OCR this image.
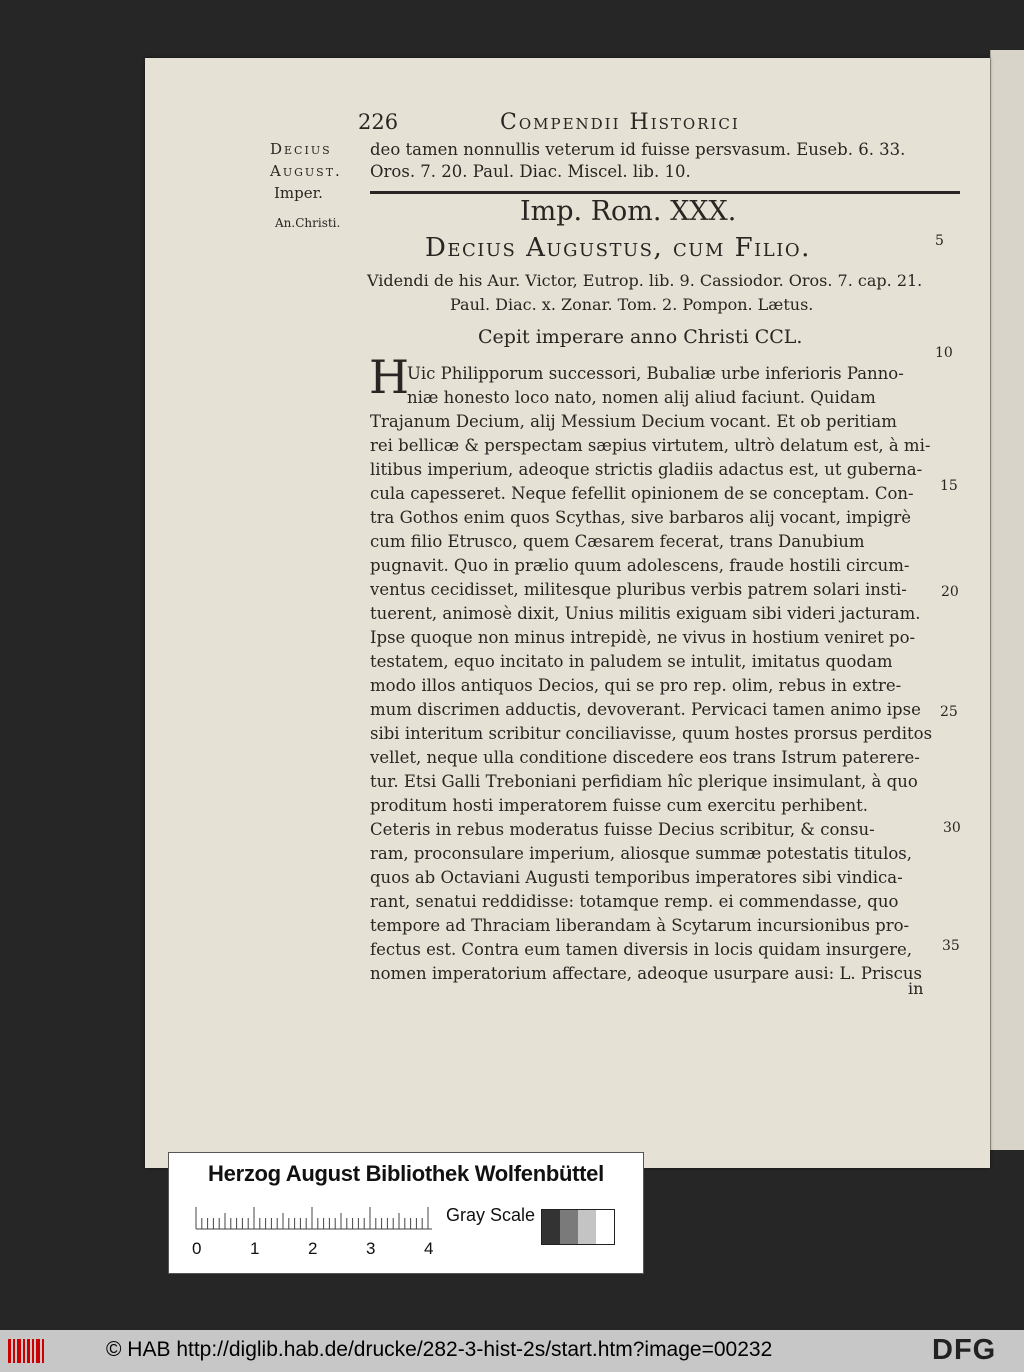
226	Compendii Historici
Decius
August.
Imper.
An.Christi.
deo tamen nonnullis veterum id fuisse persvasum. Euseb. 6. 33.
Oros. 7. 20. Paul. Diac. Miscel. lib. 10.
Imp. Rom. XXX.
Decius Augustus, cum Filio.
Videndi de his Aur. Victor, Eutrop. lib. 9. Cassiodor. Oros. 7. cap. 21.
Paul. Diac. x. Zonar. Tom. 2. Pompon. Lætus.
Cepit imperare anno Christi CCL.
H
Uic Philipporum successori, Bubaliæ urbe inferioris Panno-
niæ honesto loco nato, nomen alij aliud faciunt. Quidam
Trajanum Decium, alij Messium Decium vocant. Et ob peritiam
rei bellicæ & perspectam sæpius virtutem, ultrò delatum est, à mi-
litibus imperium, adeoque strictis gladiis adactus est, ut guberna-
cula capesseret. Neque fefellit opinionem de se conceptam. Con-
tra Gothos enim quos Scythas, sive barbaros alij vocant, impigrè
cum filio Etrusco, quem Cæsarem fecerat, trans Danubium
pugnavit. Quo in prælio quum adolescens, fraude hostili circum-
ventus cecidisset, militesque pluribus verbis patrem solari insti-
tuerent, animosè dixit, Unius militis exiguam sibi videri jacturam.
Ipse quoque non minus intrepidè, ne vivus in hostium veniret po-
testatem, equo incitato in paludem se intulit, imitatus quodam
modo illos antiquos Decios, qui se pro rep. olim, rebus in extre-
mum discrimen adductis, devoverant. Pervicaci tamen animo ipse
sibi interitum scribitur conciliavisse, quum hostes prorsus perditos
vellet, neque ulla conditione discedere eos trans Istrum paterere-
tur. Etsi Galli Treboniani perfidiam hîc plerique insimulant, à quo
proditum hosti imperatorem fuisse cum exercitu perhibent.
Ceteris in rebus moderatus fuisse Decius scribitur, & consu-
ram, proconsulare imperium, aliosque summæ potestatis titulos,
quos ab Octaviani Augusti temporibus imperatores sibi vindica-
rant, senatui reddidisse: totamque remp. ei commendasse, quo
tempore ad Thraciam liberandam à Scytarum incursionibus pro-
fectus est. Contra eum tamen diversis in locis quidam insurgere,
nomen imperatorium affectare, adeoque usurpare ausi: L. Priscus
in
5
10
15
20
25
30
35
Herzog August Bibliothek Wolfenbüttel
0	1	2	3	4
Gray Scale
© HAB http://diglib.hab.de/drucke/282-3-hist-2s/start.htm?image=00232	DFG
